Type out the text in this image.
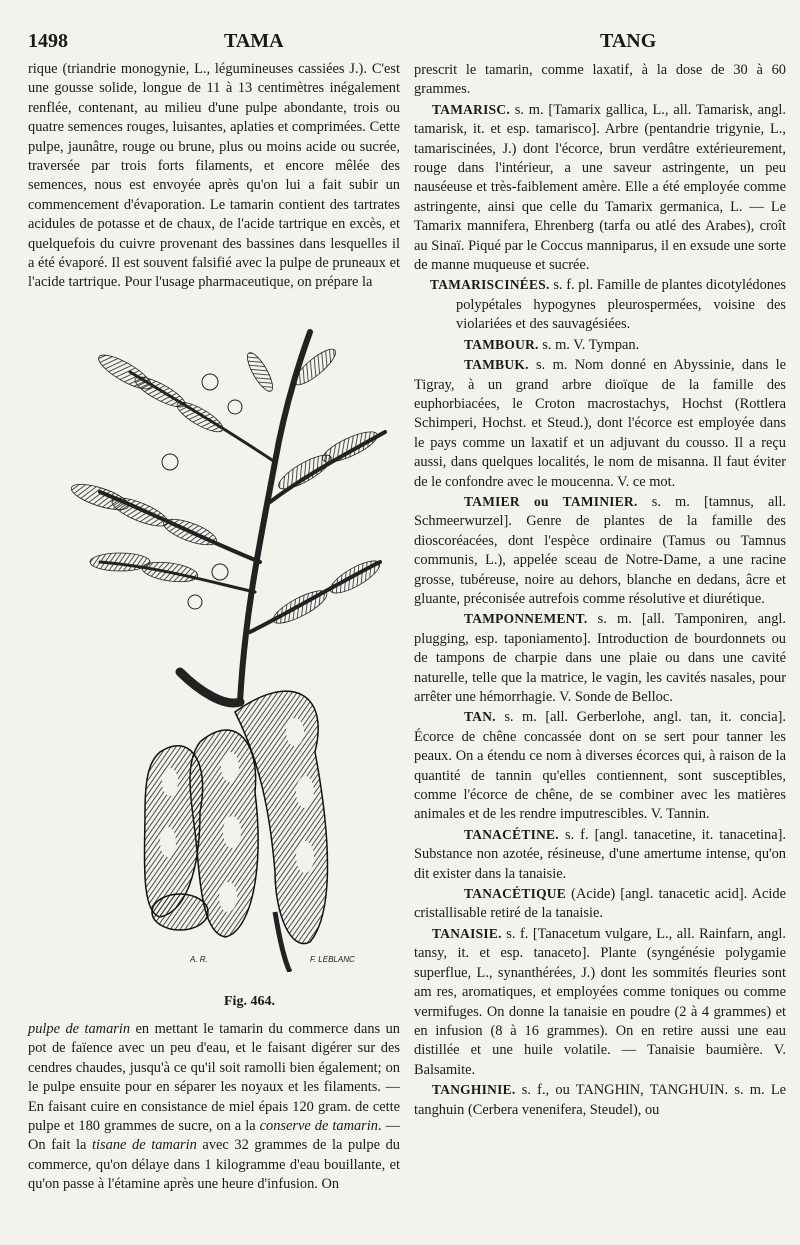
1498	TAMA	TANG

rique (triandrie monogynie, L., légumineuses cassiées J.). C'est une gousse solide, longue de 11 à 13 centimètres inégalement renflée, contenant, au milieu d'une pulpe abondante, trois ou quatre semences rouges, luisantes, aplaties et comprimées. Cette pulpe, jaunâtre, rouge ou brune, plus ou moins acide ou sucrée, traversée par trois forts filaments, et encore mêlée des semences, nous est envoyée après qu'on lui a fait subir un commencement d'évaporation. Le tamarin contient des tartrates acidules de potasse et de chaux, de l'acide tartrique en excès, et quelquefois du cuivre provenant des bassines dans lesquelles il a été évaporé. Il est souvent falsifié avec la pulpe de pruneaux et l'acide tartrique. Pour l'usage pharmaceutique, on prépare la

A. R.	F. LEBLANC
Fig. 464.

pulpe de tamarin en mettant le tamarin du commerce dans un pot de faïence avec un peu d'eau, et le faisant digérer sur des cendres chaudes, jusqu'à ce qu'il soit ramolli bien également; on le pulpe ensuite pour en séparer les noyaux et les filaments. — En faisant cuire en consistance de miel épais 120 gram. de cette pulpe et 180 grammes de sucre, on a la conserve de tamarin. — On fait la tisane de tamarin avec 32 grammes de la pulpe du commerce, qu'on délaye dans 1 kilogramme d'eau bouillante, et qu'on passe à l'étamine après une heure d'infusion. On

prescrit le tamarin, comme laxatif, à la dose de 30 à 60 grammes.

TAMARISC. s. m. [Tamarix gallica, L., all. Tamarisk, angl. tamarisk, it. et esp. tamarisco]. Arbre (pentandrie trigynie, L., tamariscinées, J.) dont l'écorce, brun verdâtre extérieurement, rouge dans l'intérieur, a une saveur astringente, un peu nauséeuse et très-faiblement amère. Elle a été employée comme astringente, ainsi que celle du Tamarix germanica, L. — Le Tamarix mannifera, Ehrenberg (tarfa ou atlé des Arabes), croît au Sinaï. Piqué par le Coccus manniparus, il en exsude une sorte de manne muqueuse et sucrée.

TAMARISCINÉES. s. f. pl. Famille de plantes dicotylédones polypétales hypogynes pleurospermées, voisine des violariées et des sauvagésiées.

TAMBOUR. s. m. V. Tympan.

TAMBUK. s. m. Nom donné en Abyssinie, dans le Tigray, à un grand arbre dioïque de la famille des euphorbiacées, le Croton macrostachys, Hochst (Rottlera Schimperi, Hochst. et Steud.), dont l'écorce est employée dans le pays comme un laxatif et un adjuvant du cousso. Il a reçu aussi, dans quelques localités, le nom de misanna. Il faut éviter de le confondre avec le moucenna. V. ce mot.

TAMIER ou TAMINIER. s. m. [tamnus, all. Schmeerwurzel]. Genre de plantes de la famille des dioscoréacées, dont l'espèce ordinaire (Tamus ou Tamnus communis, L.), appelée sceau de Notre-Dame, a une racine grosse, tubéreuse, noire au dehors, blanche en dedans, âcre et gluante, préconisée autrefois comme résolutive et diurétique.

TAMPONNEMENT. s. m. [all. Tamponiren, angl. plugging, esp. taponiamento]. Introduction de bourdonnets ou de tampons de charpie dans une plaie ou dans une cavité naturelle, telle que la matrice, le vagin, les cavités nasales, pour arrêter une hémorrhagie. V. Sonde de Belloc.

TAN. s. m. [all. Gerberlohe, angl. tan, it. concia]. Écorce de chêne concassée dont on se sert pour tanner les peaux. On a étendu ce nom à diverses écorces qui, à raison de la quantité de tannin qu'elles contiennent, sont susceptibles, comme l'écorce de chêne, de se combiner avec les matières animales et de les rendre imputrescibles. V. Tannin.

TANACÉTINE. s. f. [angl. tanacetine, it. tanacetina]. Substance non azotée, résineuse, d'une amertume intense, qu'on dit exister dans la tanaisie.

TANACÉTIQUE (Acide) [angl. tanacetic acid]. Acide cristallisable retiré de la tanaisie.

TANAISIE. s. f. [Tanacetum vulgare, L., all. Rainfarn, angl. tansy, it. et esp. tanaceto]. Plante (syngénésie polygamie superflue, L., synanthérées, J.) dont les sommités fleuries sont am res, aromatiques, et employées comme toniques ou comme vermifuges. On donne la tanaisie en poudre (2 à 4 grammes) et en infusion (8 à 16 grammes). On en retire aussi une eau distillée et une huile volatile. — Tanaisie baumière. V. Balsamite.

TANGHINIE. s. f., ou TANGHIN, TANGHUIN. s. m. Le tanghuin (Cerbera venenifera, Steudel), ou
